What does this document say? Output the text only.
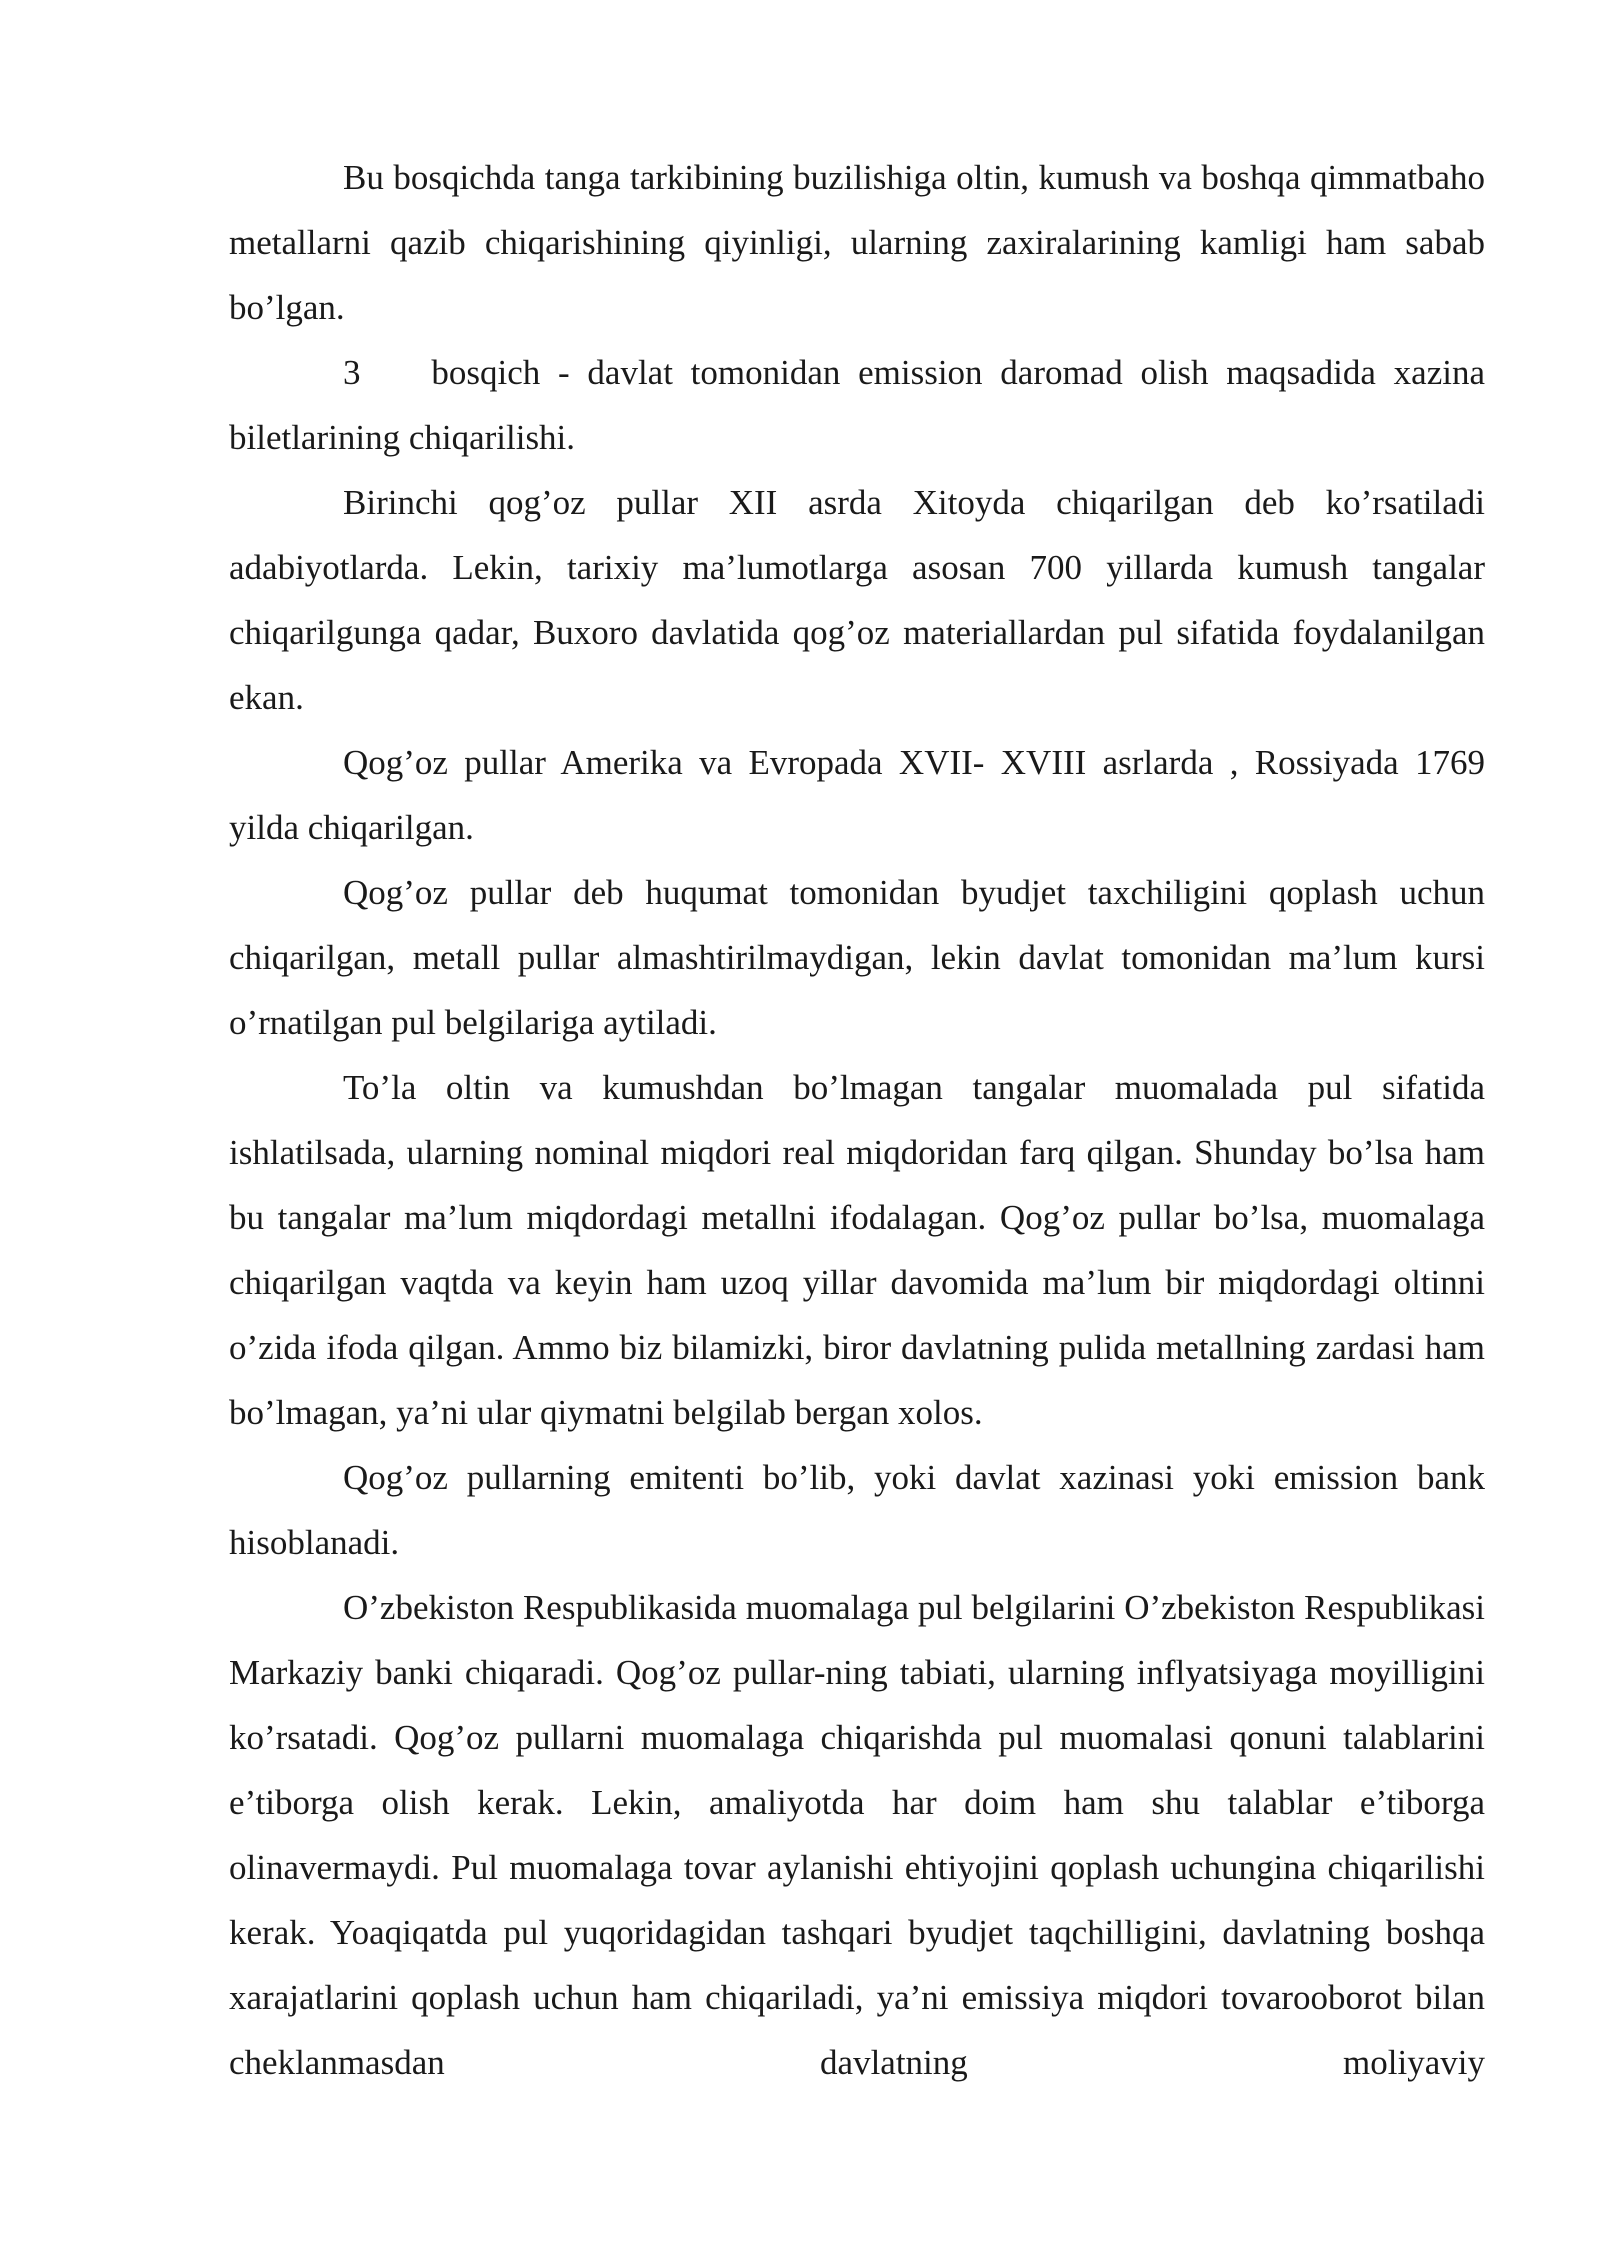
Bu bosqichda tanga tarkibining buzilishiga oltin, kumush va boshqa qimmatbaho metallarni qazib chiqarishining qiyinligi, ularning zaxiralarining kamligi ham sabab bo’lgan.

3    bosqich - davlat tomonidan emission daromad olish maqsadida xazina biletlarining chiqarilishi.

Birinchi qog’oz pullar XII asrda Xitoyda chiqarilgan deb ko’rsatiladi adabiyotlarda. Lekin, tarixiy ma’lumotlarga asosan 700 yillarda kumush tangalar chiqarilgunga qadar, Buxoro davlatida qog’oz materiallardan pul sifatida foydalanilgan ekan.

Qog’oz pullar Amerika va Evropada XVII- XVIII asrlarda , Rossiyada 1769 yilda chiqarilgan.

Qog’oz pullar deb huqumat tomonidan byudjet taxchiligini qoplash uchun chiqarilgan, metall pullar almashtirilmaydigan, lekin davlat tomonidan ma’lum kursi o’rnatilgan pul belgilariga aytiladi.

To’la oltin va kumushdan bo’lmagan tangalar muomalada pul sifatida ishlatilsada, ularning nominal miqdori real miqdoridan farq qilgan. Shunday bo’lsa ham bu tangalar ma’lum miqdordagi metallni ifodalagan. Qog’oz pullar bo’lsa, muomalaga chiqarilgan vaqtda va keyin ham uzoq yillar davomida ma’lum bir miqdordagi oltinni o’zida ifoda qilgan. Ammo biz bilamizki, biror davlatning pulida metallning zardasi ham bo’lmagan, ya’ni ular qiymatni belgilab bergan xolos.

Qog’oz pullarning emitenti bo’lib, yoki davlat xazinasi yoki emission bank hisoblanadi.

O’zbekiston Respublikasida muomalaga pul belgilarini O’zbekiston Respublikasi Markaziy banki chiqaradi. Qog’oz pullar-ning tabiati, ularning inflyatsiyaga moyilligini ko’rsatadi. Qog’oz pullarni muomalaga chiqarishda pul muomalasi qonuni talablarini e’tiborga olish kerak. Lekin, amaliyotda har doim ham shu talablar e’tiborga olinavermaydi. Pul muomalaga tovar aylanishi ehtiyojini qoplash uchungina chiqarilishi kerak. Yoaqiqatda pul yuqoridagidan tashqari byudjet taqchilligini, davlatning boshqa xarajatlarini qoplash uchun ham chiqariladi, ya’ni emissiya miqdori tovarooborot bilan cheklanmasdan davlatning moliyaviy
